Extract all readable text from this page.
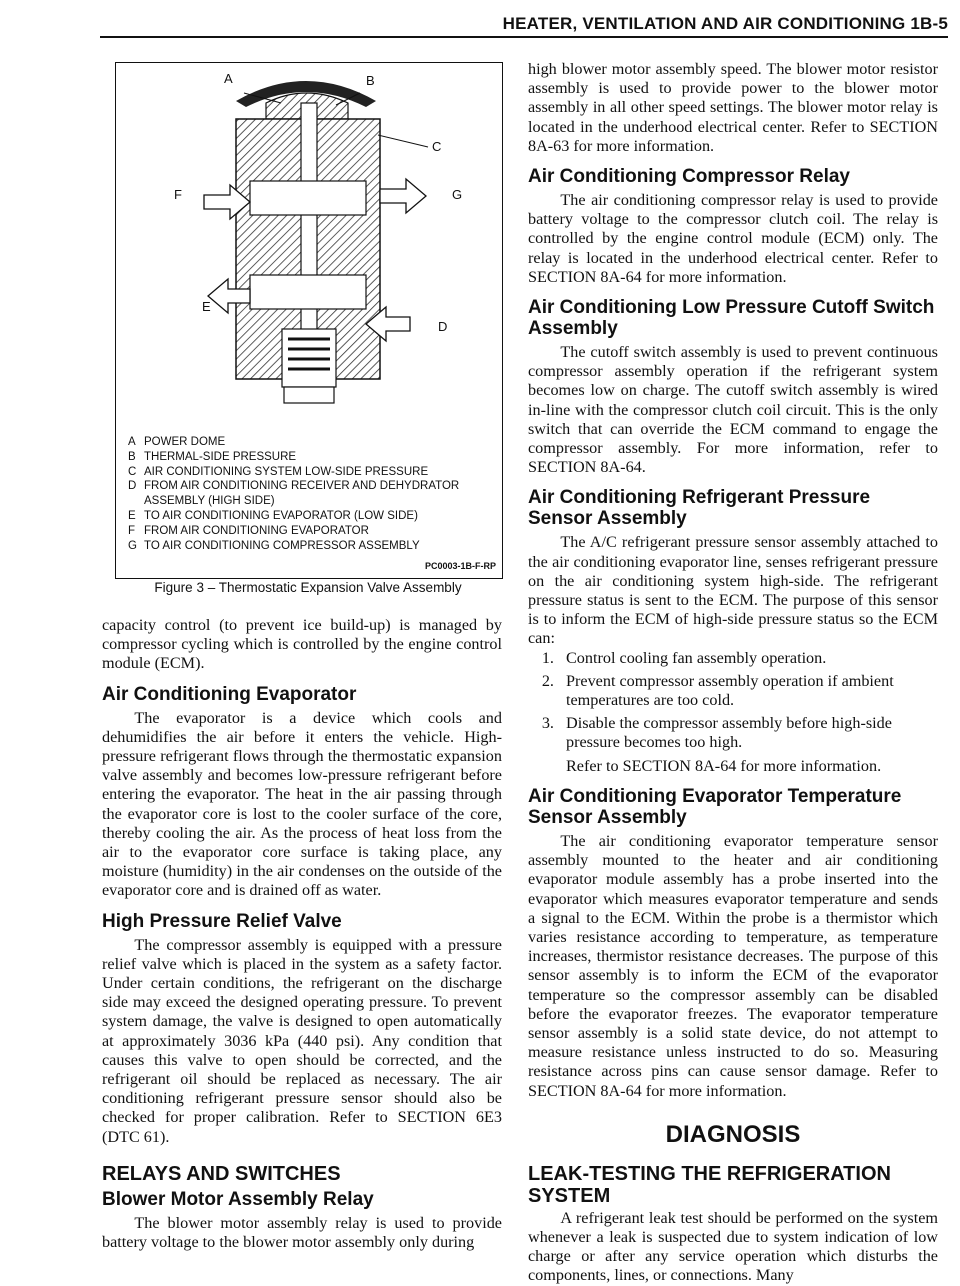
HEATER, VENTILATION AND AIR CONDITIONING 1B-5
A	B
C
F	G
E
D
A POWER DOME
B THERMAL-SIDE PRESSURE
C AIR CONDITIONING SYSTEM LOW-SIDE PRESSURE
D FROM AIR CONDITIONING RECEIVER AND DEHYDRATOR ASSEMBLY (HIGH SIDE)
E TO AIR CONDITIONING EVAPORATOR (LOW SIDE)
F FROM AIR CONDITIONING EVAPORATOR
G TO AIR CONDITIONING COMPRESSOR ASSEMBLY
PC0003-1B-F-RP
Figure 3 – Thermostatic Expansion Valve Assembly

capacity control (to prevent ice build-up) is managed by compressor cycling which is controlled by the engine control module (ECM).

Air Conditioning Evaporator

The evaporator is a device which cools and dehumidifies the air before it enters the vehicle. High-pressure refrigerant flows through the thermostatic expansion valve assembly and becomes low-pressure refrigerant before entering the evaporator. The heat in the air passing through the evaporator core is lost to the cooler surface of the core, thereby cooling the air. As the process of heat loss from the air to the evaporator core surface is taking place, any moisture (humidity) in the air condenses on the outside of the evaporator core and is drained off as water.

High Pressure Relief Valve

The compressor assembly is equipped with a pressure relief valve which is placed in the system as a safety factor. Under certain conditions, the refrigerant on the discharge side may exceed the designed operating pressure. To prevent system damage, the valve is designed to open automatically at approximately 3036 kPa (440 psi). Any condition that causes this valve to open should be corrected, and the refrigerant oil should be replaced as necessary. The air conditioning refrigerant pressure sensor should also be checked for proper calibration. Refer to SECTION 6E3 (DTC 61).

RELAYS AND SWITCHES
Blower Motor Assembly Relay

The blower motor assembly relay is used to provide battery voltage to the blower motor assembly only during

high blower motor assembly speed. The blower motor resistor assembly is used to provide power to the blower motor assembly in all other speed settings. The blower motor relay is located in the underhood electrical center. Refer to SECTION 8A-63 for more information.

Air Conditioning Compressor Relay

The air conditioning compressor relay is used to provide battery voltage to the compressor clutch coil. The relay is controlled by the engine control module (ECM) only. The relay is located in the underhood electrical center. Refer to SECTION 8A-64 for more information.

Air Conditioning Low Pressure Cutoff Switch Assembly

The cutoff switch assembly is used to prevent continuous compressor assembly operation if the refrigerant system becomes low on charge. The cutoff switch assembly is wired in-line with the compressor clutch coil circuit. This is the only switch that can override the ECM command to engage the compressor assembly. For more information, refer to SECTION 8A-64.

Air Conditioning Refrigerant Pressure Sensor Assembly

The A/C refrigerant pressure sensor assembly attached to the air conditioning evaporator line, senses refrigerant pressure on the air conditioning system high-side. The refrigerant pressure status is sent to the ECM. The purpose of this sensor is to inform the ECM of high-side pressure status so the ECM can:

1. Control cooling fan assembly operation.
2. Prevent compressor assembly operation if ambient temperatures are too cold.
3. Disable the compressor assembly before high-side pressure becomes too high.
Refer to SECTION 8A-64 for more information.
Air Conditioning Evaporator Temperature Sensor Assembly

The air conditioning evaporator temperature sensor assembly mounted to the heater and air conditioning evaporator module assembly has a probe inserted into the evaporator which measures evaporator temperature and sends a signal to the ECM. Within the probe is a thermistor which varies resistance according to temperature, as temperature increases, thermistor resistance decreases. The purpose of this sensor assembly is to inform the ECM of the evaporator temperature so the compressor assembly can be disabled before the evaporator freezes. The evaporator temperature sensor assembly is a solid state device, do not attempt to measure resistance unless instructed to do so. Measuring resistance across pins can cause sensor damage. Refer to SECTION 8A-64 for more information.

DIAGNOSIS
LEAK-TESTING THE REFRIGERATION SYSTEM

A refrigerant leak test should be performed on the system whenever a leak is suspected due to system indication of low charge or after any service operation which disturbs the components, lines, or connections. Many
